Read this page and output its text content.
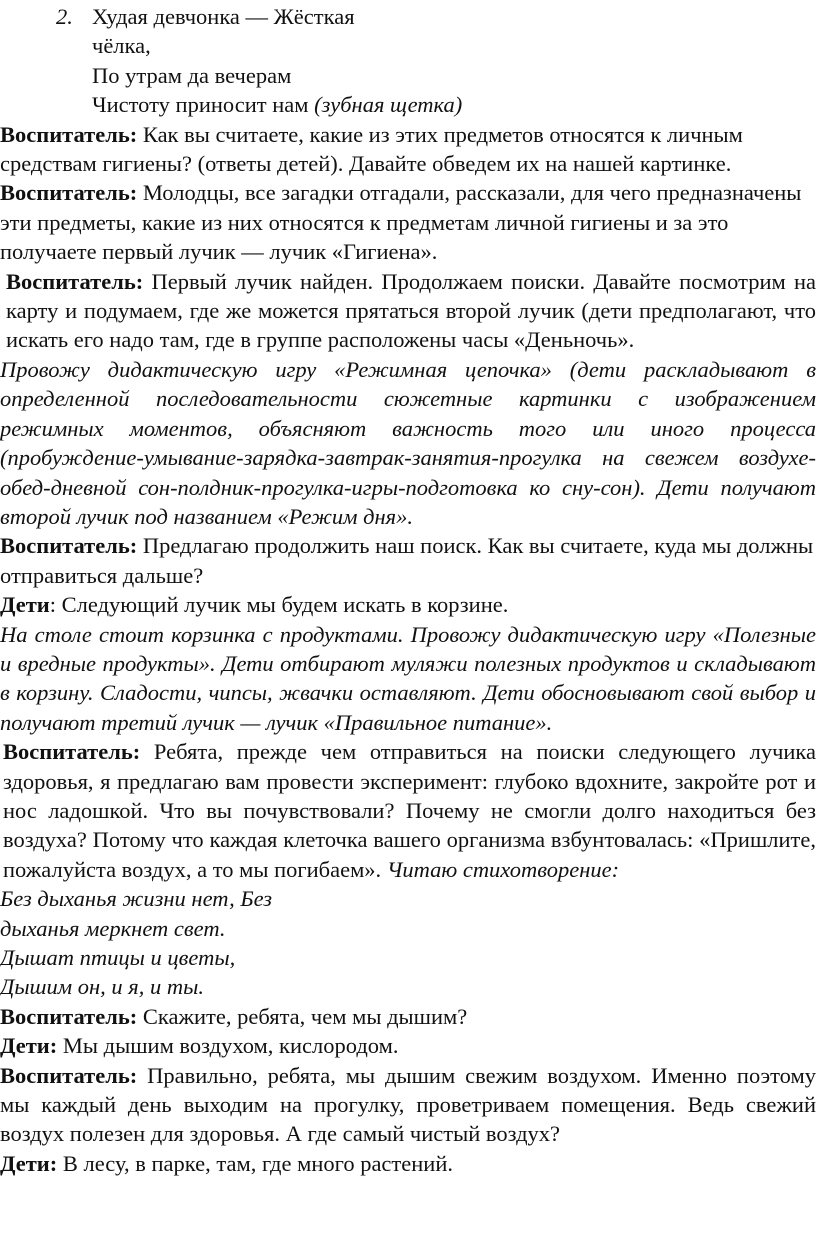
2. Худая девчонка — Жёсткая
чёлка,
По утрам да вечерам
Чистоту приносит нам (зубная щетка)

Воспитатель: Как вы считаете, какие из этих предметов относятся к личным средствам гигиены? (ответы детей). Давайте обведем их на нашей картинке.

Воспитатель: Молодцы, все загадки отгадали, рассказали, для чего предназначены эти предметы, какие из них относятся к предметам личной гигиены и за это получаете первый лучик — лучик «Гигиена».

Воспитатель: Первый лучик найден. Продолжаем поиски. Давайте посмотрим на карту и подумаем, где же можется прятаться второй лучик (дети предполагают, что искать его надо там, где в группе расположены часы «Деньночь».

Провожу дидактическую игру «Режимная цепочка» (дети раскладывают в определенной последовательности сюжетные картинки с изображением режимных моментов, объясняют важность того или иного процесса (пробуждение-умывание-зарядка-завтрак-занятия-прогулка на свежем воздухе-обед-дневной сон-полдник-прогулка-игры-подготовка ко сну-сон). Дети получают второй лучик под названием «Режим дня».

Воспитатель: Предлагаю продолжить наш поиск. Как вы считаете, куда мы должны отправиться дальше?

Дети: Следующий лучик мы будем искать в корзине.

На столе стоит корзинка с продуктами. Провожу дидактическую игру «Полезные и вредные продукты». Дети отбирают муляжи полезных продуктов и складывают в корзину. Сладости, чипсы, жвачки оставляют. Дети обосновывают свой выбор и получают третий лучик — лучик «Правильное питание».

Воспитатель: Ребята, прежде чем отправиться на поиски следующего лучика здоровья, я предлагаю вам провести эксперимент: глубоко вдохните, закройте рот и нос ладошкой. Что вы почувствовали? Почему не смогли долго находиться без воздуха? Потому что каждая клеточка вашего организма взбунтовалась: «Пришлите, пожалуйста воздух, а то мы погибаем». Читаю стихотворение:

Без дыханья жизни нет, Без
дыханья меркнет свет.
Дышат птицы и цветы,
Дышим он, и я, и ты.

Воспитатель: Скажите, ребята, чем мы дышим?

Дети: Мы дышим воздухом, кислородом.

Воспитатель: Правильно, ребята, мы дышим свежим воздухом. Именно поэтому мы каждый день выходим на прогулку, проветриваем помещения. Ведь свежий воздух полезен для здоровья. А где самый чистый воздух?

Дети: В лесу, в парке, там, где много растений.
